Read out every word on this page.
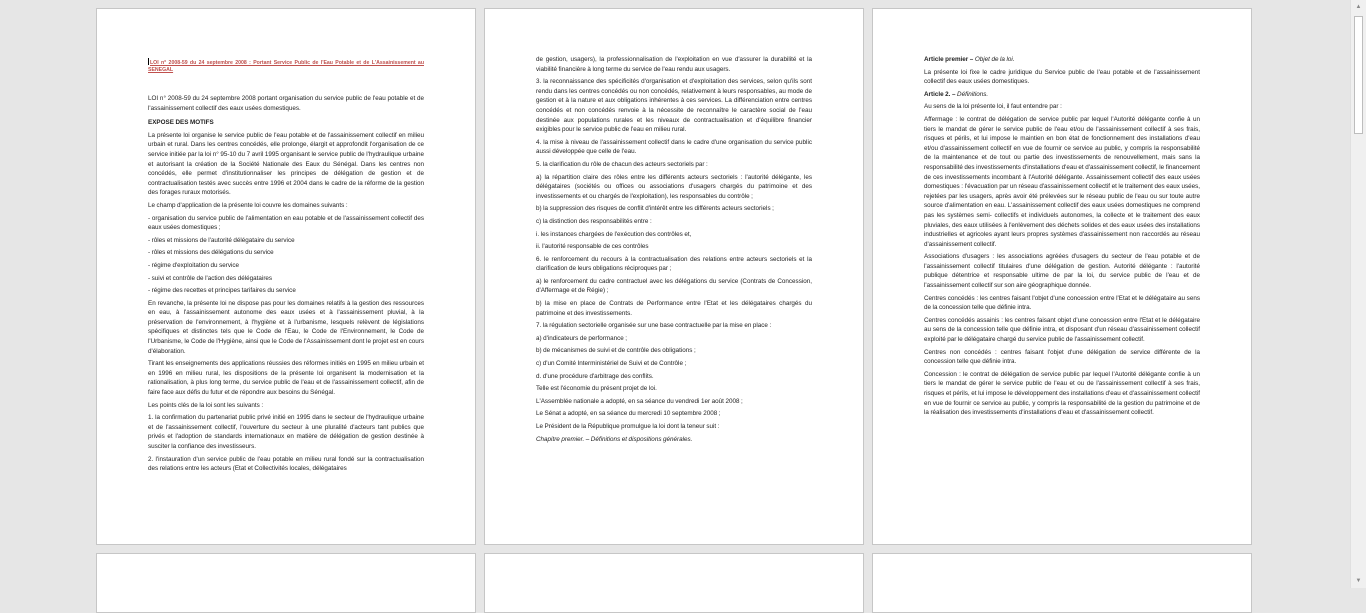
LOI n° 2008-59 du 24 septembre 2008 : Portant Service Public de l'Eau Potable et de L'Assainissement au SENEGAL

LOI n° 2008-59 du 24 septembre 2008 portant organisation du service public de l'eau potable et de l'assainissement collectif des eaux usées domestiques.

EXPOSE DES MOTIFS

La présente loi organise le service public de l'eau potable et de l'assainissement collectif en milieu urbain et rural. Dans les centres concédés, elle prolonge, élargit et approfondit l'organisation de ce service initiée par la loi n° 95-10 du 7 avril 1995 organisant le service public de l'hydraulique urbaine et autorisant la création de la Société Nationale des Eaux du Sénégal. Dans les centres non concédés, elle permet d'institutionnaliser les principes de délégation de gestion et de contractualisation testés avec succès entre 1996 et 2004 dans le cadre de la réforme de la gestion des forages ruraux motorisés.

Le champ d'application de la présente loi couvre les domaines suivants :

- organisation du service public de l'alimentation en eau potable et de l'assainissement collectif des eaux usées domestiques ;

- rôles et missions de l'autorité délégataire du service

- rôles et missions des délégations du service

- régime d'exploitation du service

- suivi et contrôle de l'action des délégataires

- régime des recettes et principes tarifaires du service

En revanche, la présente loi ne dispose pas pour les domaines relatifs à la gestion des ressources en eau, à l'assainissement autonome des eaux usées et à l'assainissement pluvial, à la préservation de l'environnement, à l'hygiène et à l'urbanisme, lesquels relèvent de législations spécifiques et distinctes tels que le Code de l'Eau, le Code de l'Environnement, le Code de l'Urbanisme, le Code de l'Hygiène, ainsi que le Code de l'Assainissement dont le projet est en cours d'élaboration.

Tirant les enseignements des applications réussies des réformes initiés en 1995 en milieu urbain et en 1996 en milieu rural, les dispositions de la présente loi organisent la modernisation et la rationalisation, à plus long terme, du service public de l'eau et de l'assainissement collectif, afin de faire face aux défis du futur et de répondre aux besoins du Sénégal.

Les points clés de la loi sont les suivants :

1. la confirmation du partenariat public privé initié en 1995 dans le secteur de l'hydraulique urbaine et de l'assainissement collectif, l'ouverture du secteur à une pluralité d'acteurs tant publics que privés et l'adoption de standards internationaux en matière de délégation de gestion destinée à susciter la confiance des investisseurs.

2. l'instauration d'un service public de l'eau potable en milieu rural fondé sur la contractualisation des relations entre les acteurs (Etat et Collectivités locales, délégataires

de gestion, usagers), la professionnalisation de l'exploitation en vue d'assurer la durabilité et la viabilité financière à long terme du service de l'eau rendu aux usagers.

3. la reconnaissance des spécificités d'organisation et d'exploitation des services, selon qu'ils sont rendu dans les centres concédés ou non concédés, relativement à leurs responsables, au mode de gestion et à la nature et aux obligations inhérentes à ces services. La différenciation entre centres concédés et non concédés renvoie à la nécessite de reconnaître le caractère social de l'eau destinée aux populations rurales et les niveaux de contractualisation et d'équilibre financier exigibles pour le service public de l'eau en milieu rural.

4. la mise à niveau de l'assainissement collectif dans le cadre d'une organisation du service public aussi développée que celle de l'eau.

5. la clarification du rôle de chacun des acteurs sectoriels par :

a) la répartition claire des rôles entre les différents acteurs sectoriels : l'autorité délégante, les délégataires (sociétés ou offices ou associations d'usagers chargés du patrimoine et des investissements et ou chargés de l'exploitation), les responsables du contrôle ;

b) la suppression des risques de conflit d'intérêt entre les différents acteurs sectoriels ;

c) la distinction des responsabilités entre :

i. les instances chargées de l'exécution des contrôles et,

ii. l'autorité responsable de ces contrôles

6. le renforcement du recours à la contractualisation des relations entre acteurs sectoriels et la clarification de leurs obligations réciproques par ;

a) le renforcement du cadre contractuel avec les délégations du service (Contrats de Concession, d'Affermage et de Régie) ;

b) la mise en place de Contrats de Performance entre l'Etat et les délégataires chargés du patrimoine et des investissements.

7. la régulation sectorielle organisée sur une base contractuelle par la mise en place :

a) d'indicateurs de performance ;

b) de mécanismes de suivi et de contrôle des obligations ;

c) d'un Comité Interministériel de Suivi et de Contrôle ;

d. d'une procédure d'arbitrage des conflits.

Telle est l'économie du présent projet de loi.

L'Assemblée nationale a adopté, en sa séance du vendredi 1er août 2008 ;

Le Sénat a adopté, en sa séance du mercredi 10 septembre 2008 ;

Le Président de la République promulgue la loi dont la teneur suit :

Chapitre premier. – Définitions et dispositions générales.

Article premier – Objet de la loi.

La présente loi fixe le cadre juridique du Service public de l'eau potable et de l'assainissement collectif des eaux usées domestiques.

Article 2. – Définitions.

Au sens de la loi présente loi, il faut entendre par :

Affermage : le contrat de délégation de service public par lequel l'Autorité délégante confie à un tiers le mandat de gérer le service public de l'eau et/ou de l'assainissement collectif à ses frais, risques et périls, et lui impose le maintien en bon état de fonctionnement des installations d'eau et/ou d'assainissement collectif en vue de fournir ce service au public, y compris la responsabilité de la maintenance et de tout ou partie des investissements de renouvellement, mais sans la responsabilité des investissements d'installations d'eau et d'assainissement collectif, le financement de ces investissements incombant à l'Autorité délégante. Assainissement collectif des eaux usées domestiques : l'évacuation par un réseau d'assainissement collectif et le traitement des eaux usées, rejetées par les usagers, après avoir été prélevées sur le réseau public de l'eau ou sur toute autre source d'alimentation en eau. L'assainissement collectif des eaux usées domestiques ne comprend pas les systèmes semi- collectifs et individuels autonomes, la collecte et le traitement des eaux pluviales, des eaux utilisées à l'enlèvement des déchets solides et des eaux usées des installations industrielles et agricoles ayant leurs propres systèmes d'assainissement non raccordés au réseau d'assainissement collectif.

Associations d'usagers : les associations agréées d'usagers du secteur de l'eau potable et de l'assainissement collectif titulaires d'une délégation de gestion. Autorité délégante : l'autorité publique détentrice et responsable ultime de par la loi, du service public de l'eau et de l'assainissement collectif sur son aire géographique donnée.

Centres concédés : les centres faisant l'objet d'une concession entre l'Etat et le délégataire au sens de la concession telle que définie intra.

Centres concédés assainis : les centres faisant objet d'une concession entre l'Etat et le délégataire au sens de la concession telle que définie intra, et disposant d'un réseau d'assainissement collectif exploité par le délégataire chargé du service public de l'assainissement collectif.

Centres non concédés : centres faisant l'objet d'une délégation de service différente de la concession telle que définie intra.

Concession : le contrat de délégation de service public par lequel l'Autorité délégante confie à un tiers le mandat de gérer le service public de l'eau et ou de l'assainissement collectif à ses frais, risques et périls, et lui impose le développement des installations d'eau et d'assainissement collectif en vue de fournir ce service au public, y compris la responsabilité de la gestion du patrimoine et de la réalisation des investissements d'installations d'eau et d'assainissement collectif.

▲
▼
